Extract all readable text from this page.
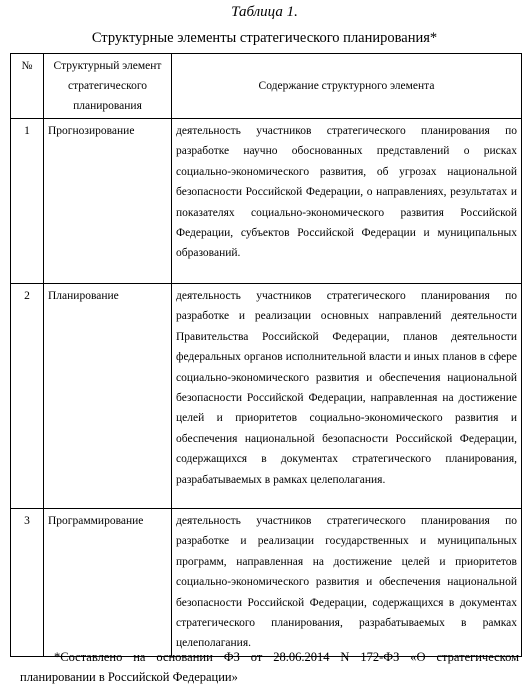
Таблица 1.
Структурные элементы стратегического планирования*
№	Структурный элемент стратегического планирования	Содержание структурного элемента
1	Прогнозирование	деятельность участников стратегического планирования по разработке научно обоснованных представлений о рисках социально-экономического развития, об угрозах национальной безопасности Российской Федерации, о направлениях, результатах и показателях социально-экономического развития Российской Федерации, субъектов Российской Федерации и муниципальных образований.
2	Планирование	деятельность участников стратегического планирования по разработке и реализации основных направлений деятельности Правительства Российской Федерации, планов деятельности федеральных органов исполнительной власти и иных планов в сфере социально-экономического развития и обеспечения национальной безопасности Российской Федерации, направленная на достижение целей и приоритетов социально-экономического развития и обеспечения национальной безопасности Российской Федерации, содержащихся в документах стратегического планирования, разрабатываемых в рамках целеполагания.
3	Программирование	деятельность участников стратегического планирования по разработке и реализации государственных и муниципальных программ, направленная на достижение целей и приоритетов социально-экономического развития и обеспечения национальной безопасности Российской Федерации, содержащихся в документах стратегического планирования, разрабатываемых в рамках целеполагания.
*Составлено на основании ФЗ от 28.06.2014 N 172-ФЗ «О стратегическом планировании в Российской Федерации»
